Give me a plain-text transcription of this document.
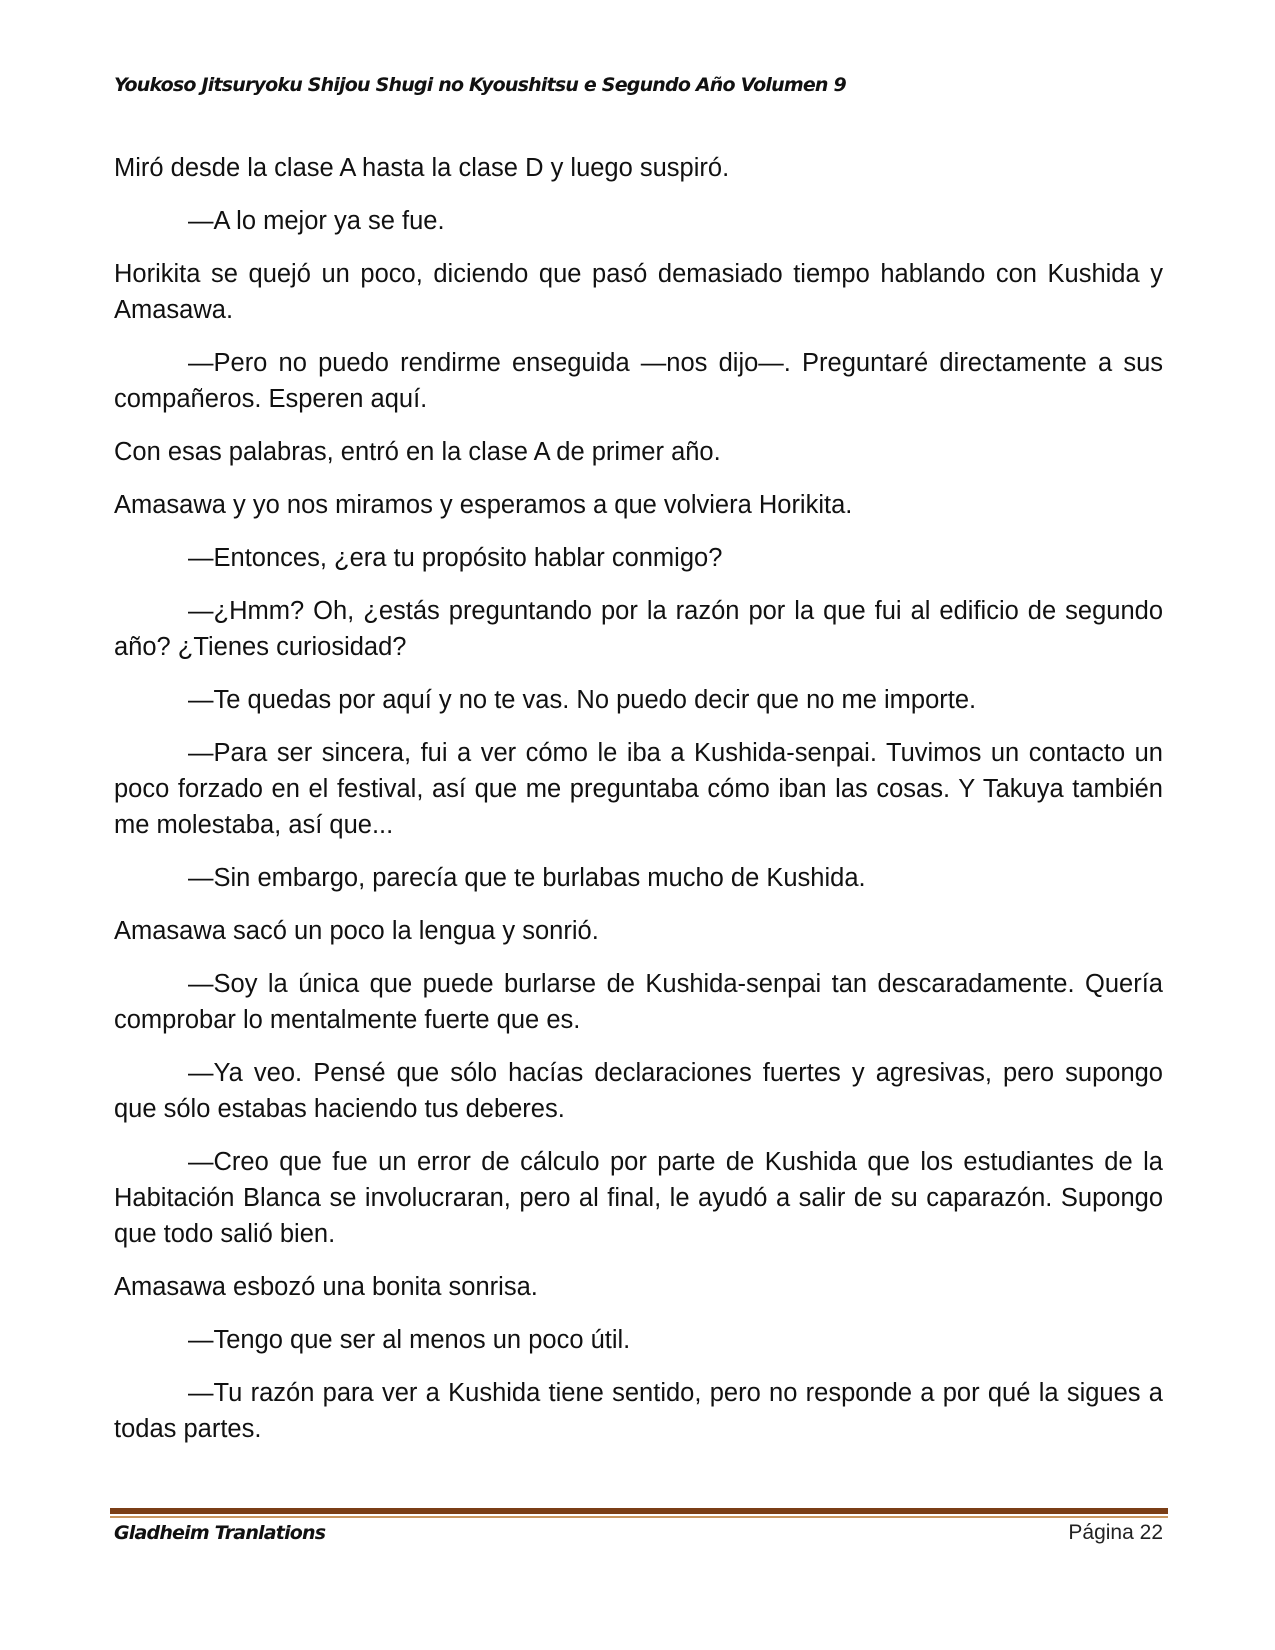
Youkoso Jitsuryoku Shijou Shugi no Kyoushitsu e Segundo Año Volumen 9

Miró desde la clase A hasta la clase D y luego suspiró.

—A lo mejor ya se fue.

Horikita se quejó un poco, diciendo que pasó demasiado tiempo hablando con Kushida y Amasawa.

—Pero no puedo rendirme enseguida —nos dijo—. Preguntaré directamente a sus compañeros. Esperen aquí.

Con esas palabras, entró en la clase A de primer año.

Amasawa y yo nos miramos y esperamos a que volviera Horikita.

—Entonces, ¿era tu propósito hablar conmigo?

—¿Hmm? Oh, ¿estás preguntando por la razón por la que fui al edificio de segundo año? ¿Tienes curiosidad?

—Te quedas por aquí y no te vas. No puedo decir que no me importe.

—Para ser sincera, fui a ver cómo le iba a Kushida-senpai. Tuvimos un contacto un poco forzado en el festival, así que me preguntaba cómo iban las cosas. Y Takuya también me molestaba, así que...

—Sin embargo, parecía que te burlabas mucho de Kushida.

Amasawa sacó un poco la lengua y sonrió.

—Soy la única que puede burlarse de Kushida-senpai tan descaradamente. Quería comprobar lo mentalmente fuerte que es.

—Ya veo. Pensé que sólo hacías declaraciones fuertes y agresivas, pero supongo que sólo estabas haciendo tus deberes.

—Creo que fue un error de cálculo por parte de Kushida que los estudiantes de la Habitación Blanca se involucraran, pero al final, le ayudó a salir de su caparazón. Supongo que todo salió bien.

Amasawa esbozó una bonita sonrisa.

—Tengo que ser al menos un poco útil.

—Tu razón para ver a Kushida tiene sentido, pero no responde a por qué la sigues a todas partes.

Gladheim Tranlations	Página 22
